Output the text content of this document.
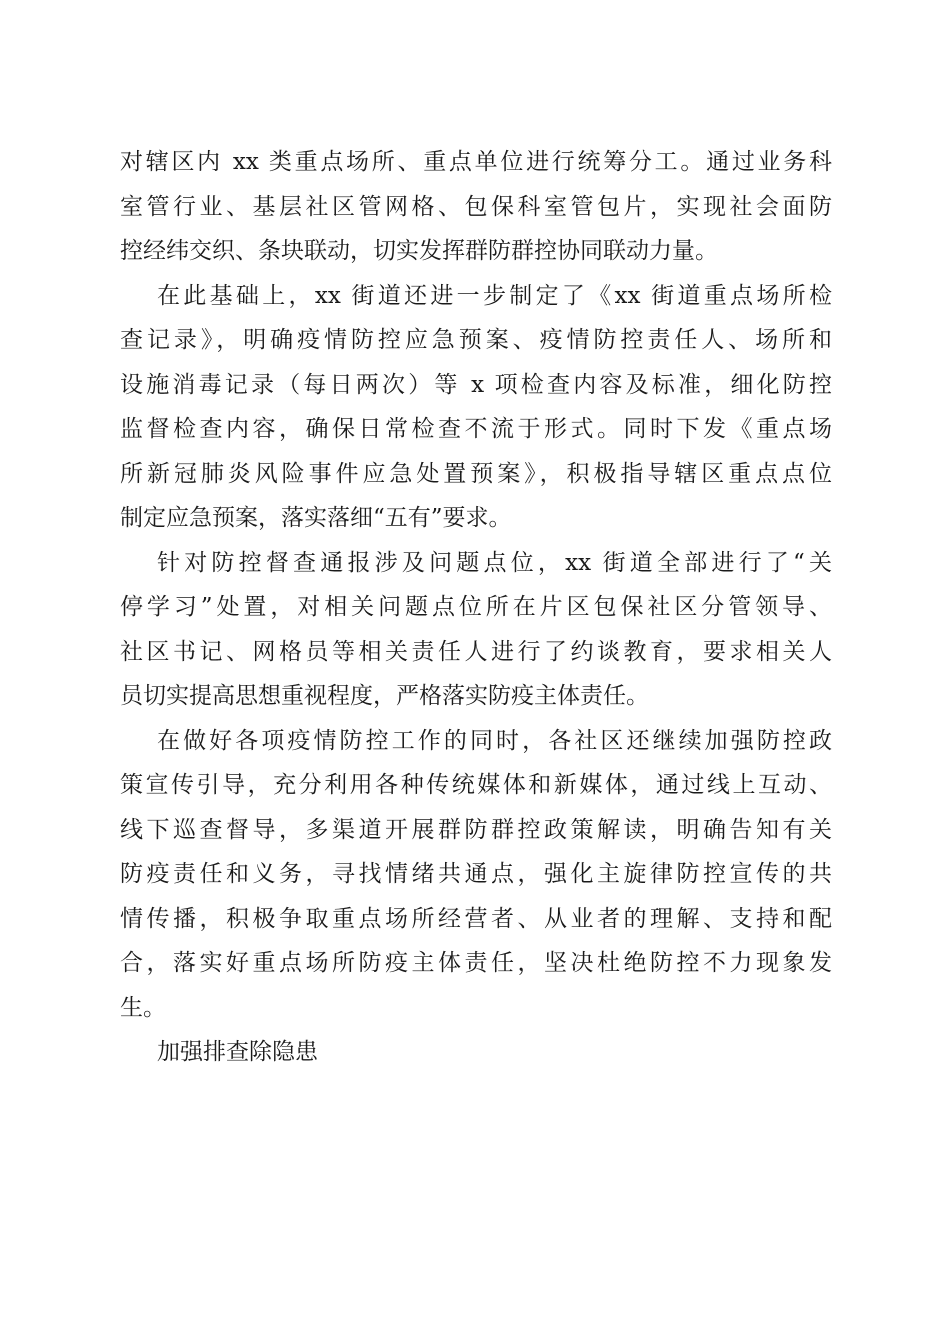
对辖区内 xx 类重点场所、重点单位进行统筹分工。通过业务科
室管行业、基层社区管网格、包保科室管包片，实现社会面防
控经纬交织、条块联动，切实发挥群防群控协同联动力量。
在此基础上，xx 街道还进一步制定了《xx 街道重点场所检
查记录》，明确疫情防控应急预案、疫情防控责任人、场所和
设施消毒记录（每日两次）等 x 项检查内容及标准，细化防控
监督检查内容，确保日常检查不流于形式。同时下发《重点场
所新冠肺炎风险事件应急处置预案》，积极指导辖区重点点位
制定应急预案，落实落细“五有”要求。
针对防控督查通报涉及问题点位，xx 街道全部进行了“关
停学习”处置，对相关问题点位所在片区包保社区分管领导、
社区书记、网格员等相关责任人进行了约谈教育，要求相关人
员切实提高思想重视程度，严格落实防疫主体责任。
在做好各项疫情防控工作的同时，各社区还继续加强防控政
策宣传引导，充分利用各种传统媒体和新媒体，通过线上互动、
线下巡查督导，多渠道开展群防群控政策解读，明确告知有关
防疫责任和义务，寻找情绪共通点，强化主旋律防控宣传的共
情传播，积极争取重点场所经营者、从业者的理解、支持和配
合，落实好重点场所防疫主体责任，坚决杜绝防控不力现象发
生。
加强排查除隐患
